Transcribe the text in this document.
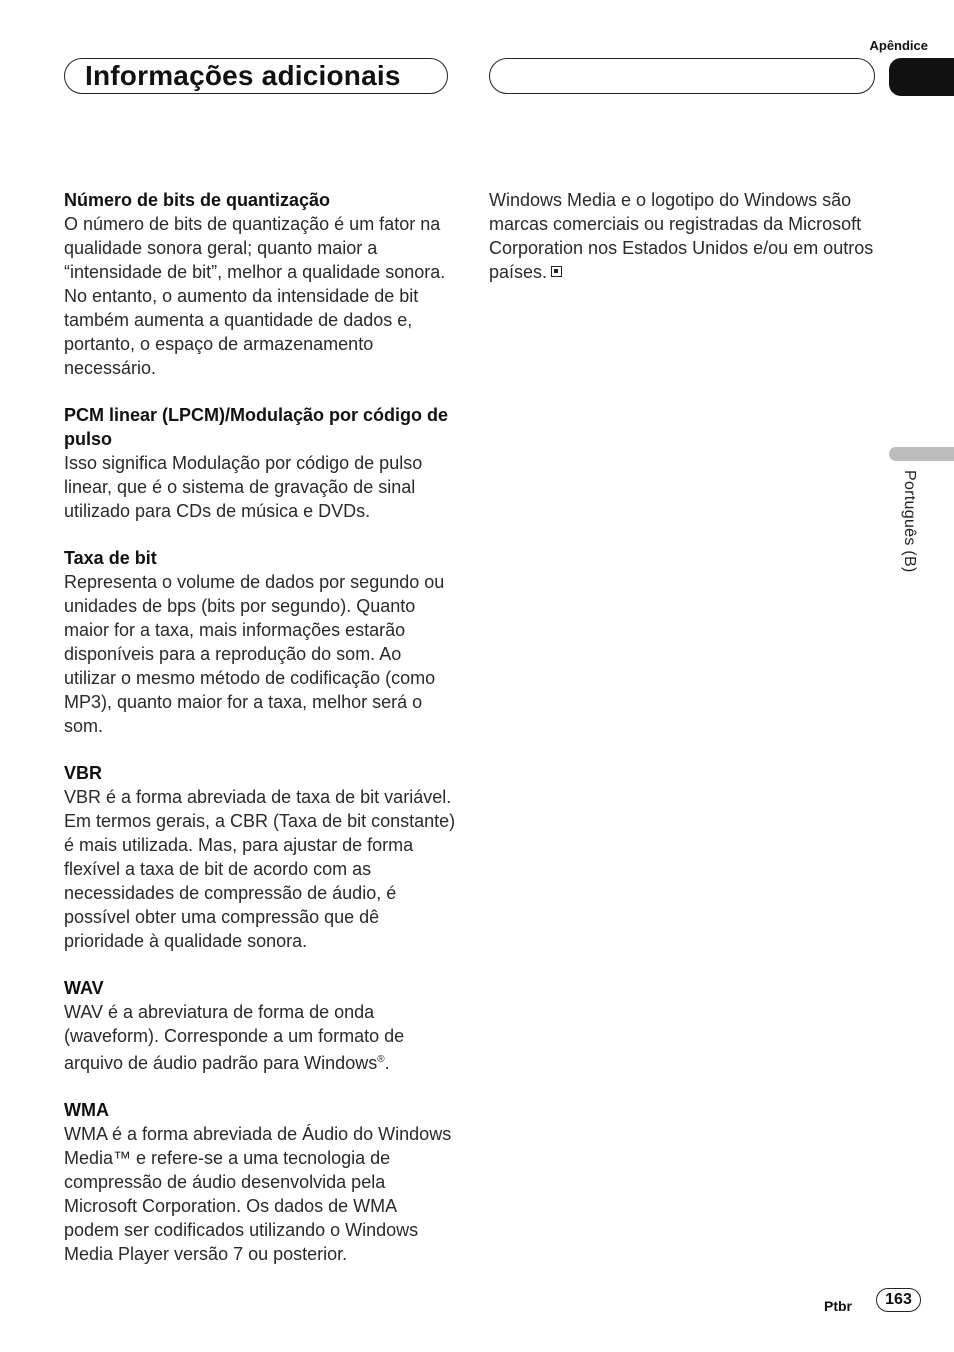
Apêndice
Informações adicionais
Número de bits de quantização

O número de bits de quantização é um fator na qualidade sonora geral; quanto maior a “intensidade de bit”, melhor a qualidade sonora. No entanto, o aumento da intensidade de bit também aumenta a quantidade de dados e, portanto, o espaço de armazenamento necessário.

PCM linear (LPCM)/Modulação por código de pulso

Isso significa Modulação por código de pulso linear, que é o sistema de gravação de sinal utilizado para CDs de música e DVDs.

Taxa de bit

Representa o volume de dados por segundo ou unidades de bps (bits por segundo). Quanto maior for a taxa, mais informações estarão disponíveis para a reprodução do som. Ao utilizar o mesmo método de codificação (como MP3), quanto maior for a taxa, melhor será o som.

VBR

VBR é a forma abreviada de taxa de bit variável. Em termos gerais, a CBR (Taxa de bit constante) é mais utilizada. Mas, para ajustar de forma flexível a taxa de bit de acordo com as necessidades de compressão de áudio, é possível obter uma compressão que dê prioridade à qualidade sonora.

WAV

WAV é a abreviatura de forma de onda (waveform). Corresponde a um formato de arquivo de áudio padrão para Windows®.

WMA

WMA é a forma abreviada de Áudio do Windows Media™ e refere-se a uma tecnologia de compressão de áudio desenvolvida pela Microsoft Corporation. Os dados de WMA podem ser codificados utilizando o Windows Media Player versão 7 ou posterior.

Windows Media e o logotipo do Windows são marcas comerciais ou registradas da Microsoft Corporation nos Estados Unidos e/ou em outros países.

Português (B)
Ptbr	163
